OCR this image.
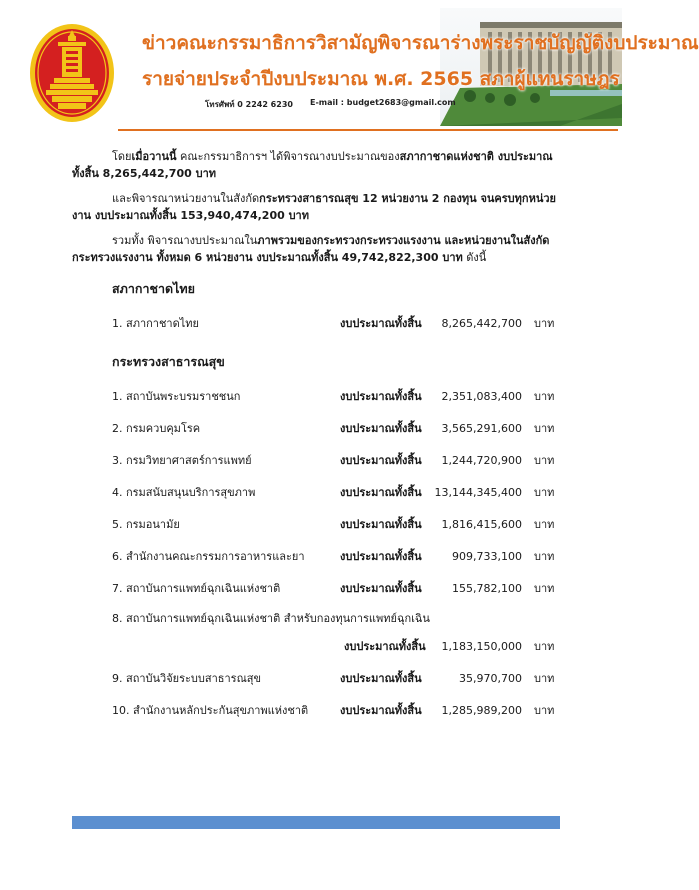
ข่าวคณะกรรมาธิการวิสามัญพิจารณาร่างพระราชบัญญัติงบประมาณ
รายจ่ายประจำปีงบประมาณ พ.ศ. 2565 สภาผู้แทนราษฎร
โทรศัพท์ 0 2242 6230 E-mail : budget2683@gmail.com

โดยเมื่อวานนี้ คณะกรรมาธิการฯ ได้พิจารณางบประมาณของสภากาชาดแห่งชาติ งบประมาณทั้งสิ้น 8,265,442,700 บาท

และพิจารณาหน่วยงานในสังกัดกระทรวงสาธารณสุข 12 หน่วยงาน 2 กองทุน จนครบทุกหน่วยงาน งบประมาณทั้งสิ้น 153,940,474,200 บาท

รวมทั้ง พิจารณางบประมาณในภาพรวมของกระทรวงกระทรวงแรงงาน และหน่วยงานในสังกัดกระทรวงแรงงาน ทั้งหมด 6 หน่วยงาน งบประมาณทั้งสิ้น 49,742,822,300 บาท ดังนี้

สภากาชาดไทย
1. สภากาชาดไทย	งบประมาณทั้งสิ้น 8,265,442,700 บาท
กระทรวงสาธารณสุข
1. สถาบันพระบรมราชชนก	งบประมาณทั้งสิ้น 2,351,083,400 บาท
2. กรมควบคุมโรค	งบประมาณทั้งสิ้น 3,565,291,600 บาท
3. กรมวิทยาศาสตร์การแพทย์	งบประมาณทั้งสิ้น 1,244,720,900 บาท
4. กรมสนับสนุนบริการสุขภาพ	งบประมาณทั้งสิ้น 13,144,345,400 บาท
5. กรมอนามัย	งบประมาณทั้งสิ้น 1,816,415,600 บาท
6. สำนักงานคณะกรรมการอาหารและยา	งบประมาณทั้งสิ้น	909,733,100 บาท
7. สถาบันการแพทย์ฉุกเฉินแห่งชาติ	งบประมาณทั้งสิ้น	155,782,100 บาท
8. สถาบันการแพทย์ฉุกเฉินแห่งชาติ สำหรับกองทุนการแพทย์ฉุกเฉิน
งบประมาณทั้งสิ้น 1,183,150,000 บาท
9. สถาบันวิจัยระบบสาธารณสุข	งบประมาณทั้งสิ้น	35,970,700 บาท
10. สำนักงานหลักประกันสุขภาพแห่งชาติ	งบประมาณทั้งสิ้น 1,285,989,200 บาท
